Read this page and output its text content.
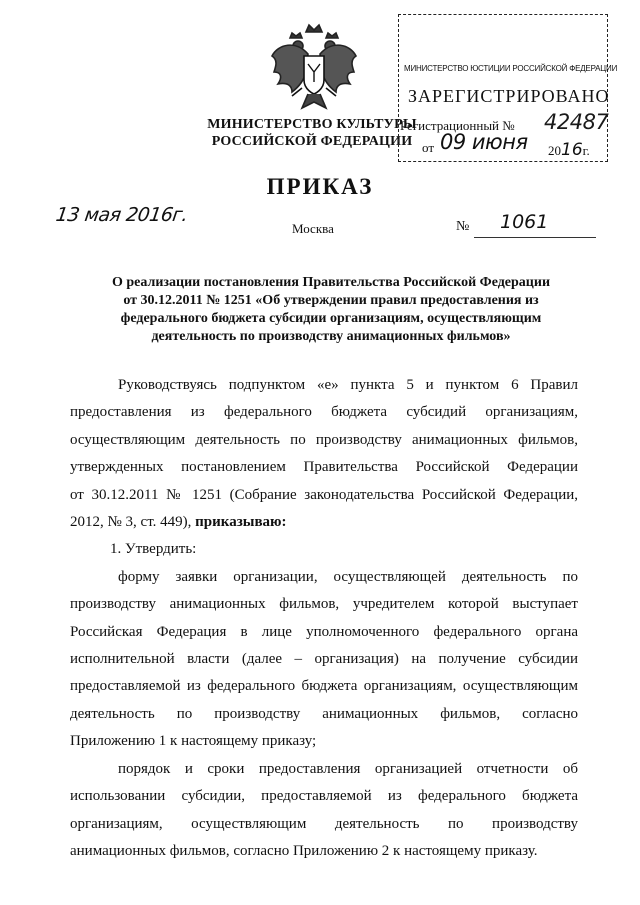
МИНИСТЕРСТВО КУЛЬТУРЫ
РОССИЙСКОЙ ФЕДЕРАЦИИ
МИНИСТЕРСТВО ЮСТИЦИИ РОССИЙСКОЙ ФЕДЕРАЦИИ
ЗАРЕГИСТРИРОВАНО
Регистрационный № 42487
от 09 июня 2016г.
ПРИКАЗ
13 мая 2016г.
Москва	№ 1061
О реализации постановления Правительства Российской Федерации
от 30.12.2011 № 1251 «Об утверждении правил предоставления из
федерального бюджета субсидии организациям, осуществляющим
деятельность по производству анимационных фильмов»

Руководствуясь подпунктом «е» пункта 5 и пунктом 6 Правил

предоставления из федерального бюджета субсидий организациям,

осуществляющим деятельность по производству анимационных фильмов,

утвержденных постановлением Правительства Российской Федерации

от 30.12.2011 № 1251 (Собрание законодательства Российской Федерации,

2012, № 3, ст. 449), приказываю:

1. Утвердить:

форму заявки организации, осуществляющей деятельность по

производству анимационных фильмов, учредителем которой выступает

Российская Федерация в лице уполномоченного федерального органа

исполнительной власти (далее – организация) на получение субсидии

предоставляемой из федерального бюджета организациям, осуществляющим

деятельность по производству анимационных фильмов, согласно

Приложению 1 к настоящему приказу;

порядок и сроки предоставления организацией отчетности об

использовании субсидии, предоставляемой из федерального бюджета

организациям, осуществляющим деятельность по производству

анимационных фильмов, согласно Приложению 2 к настоящему приказу.
